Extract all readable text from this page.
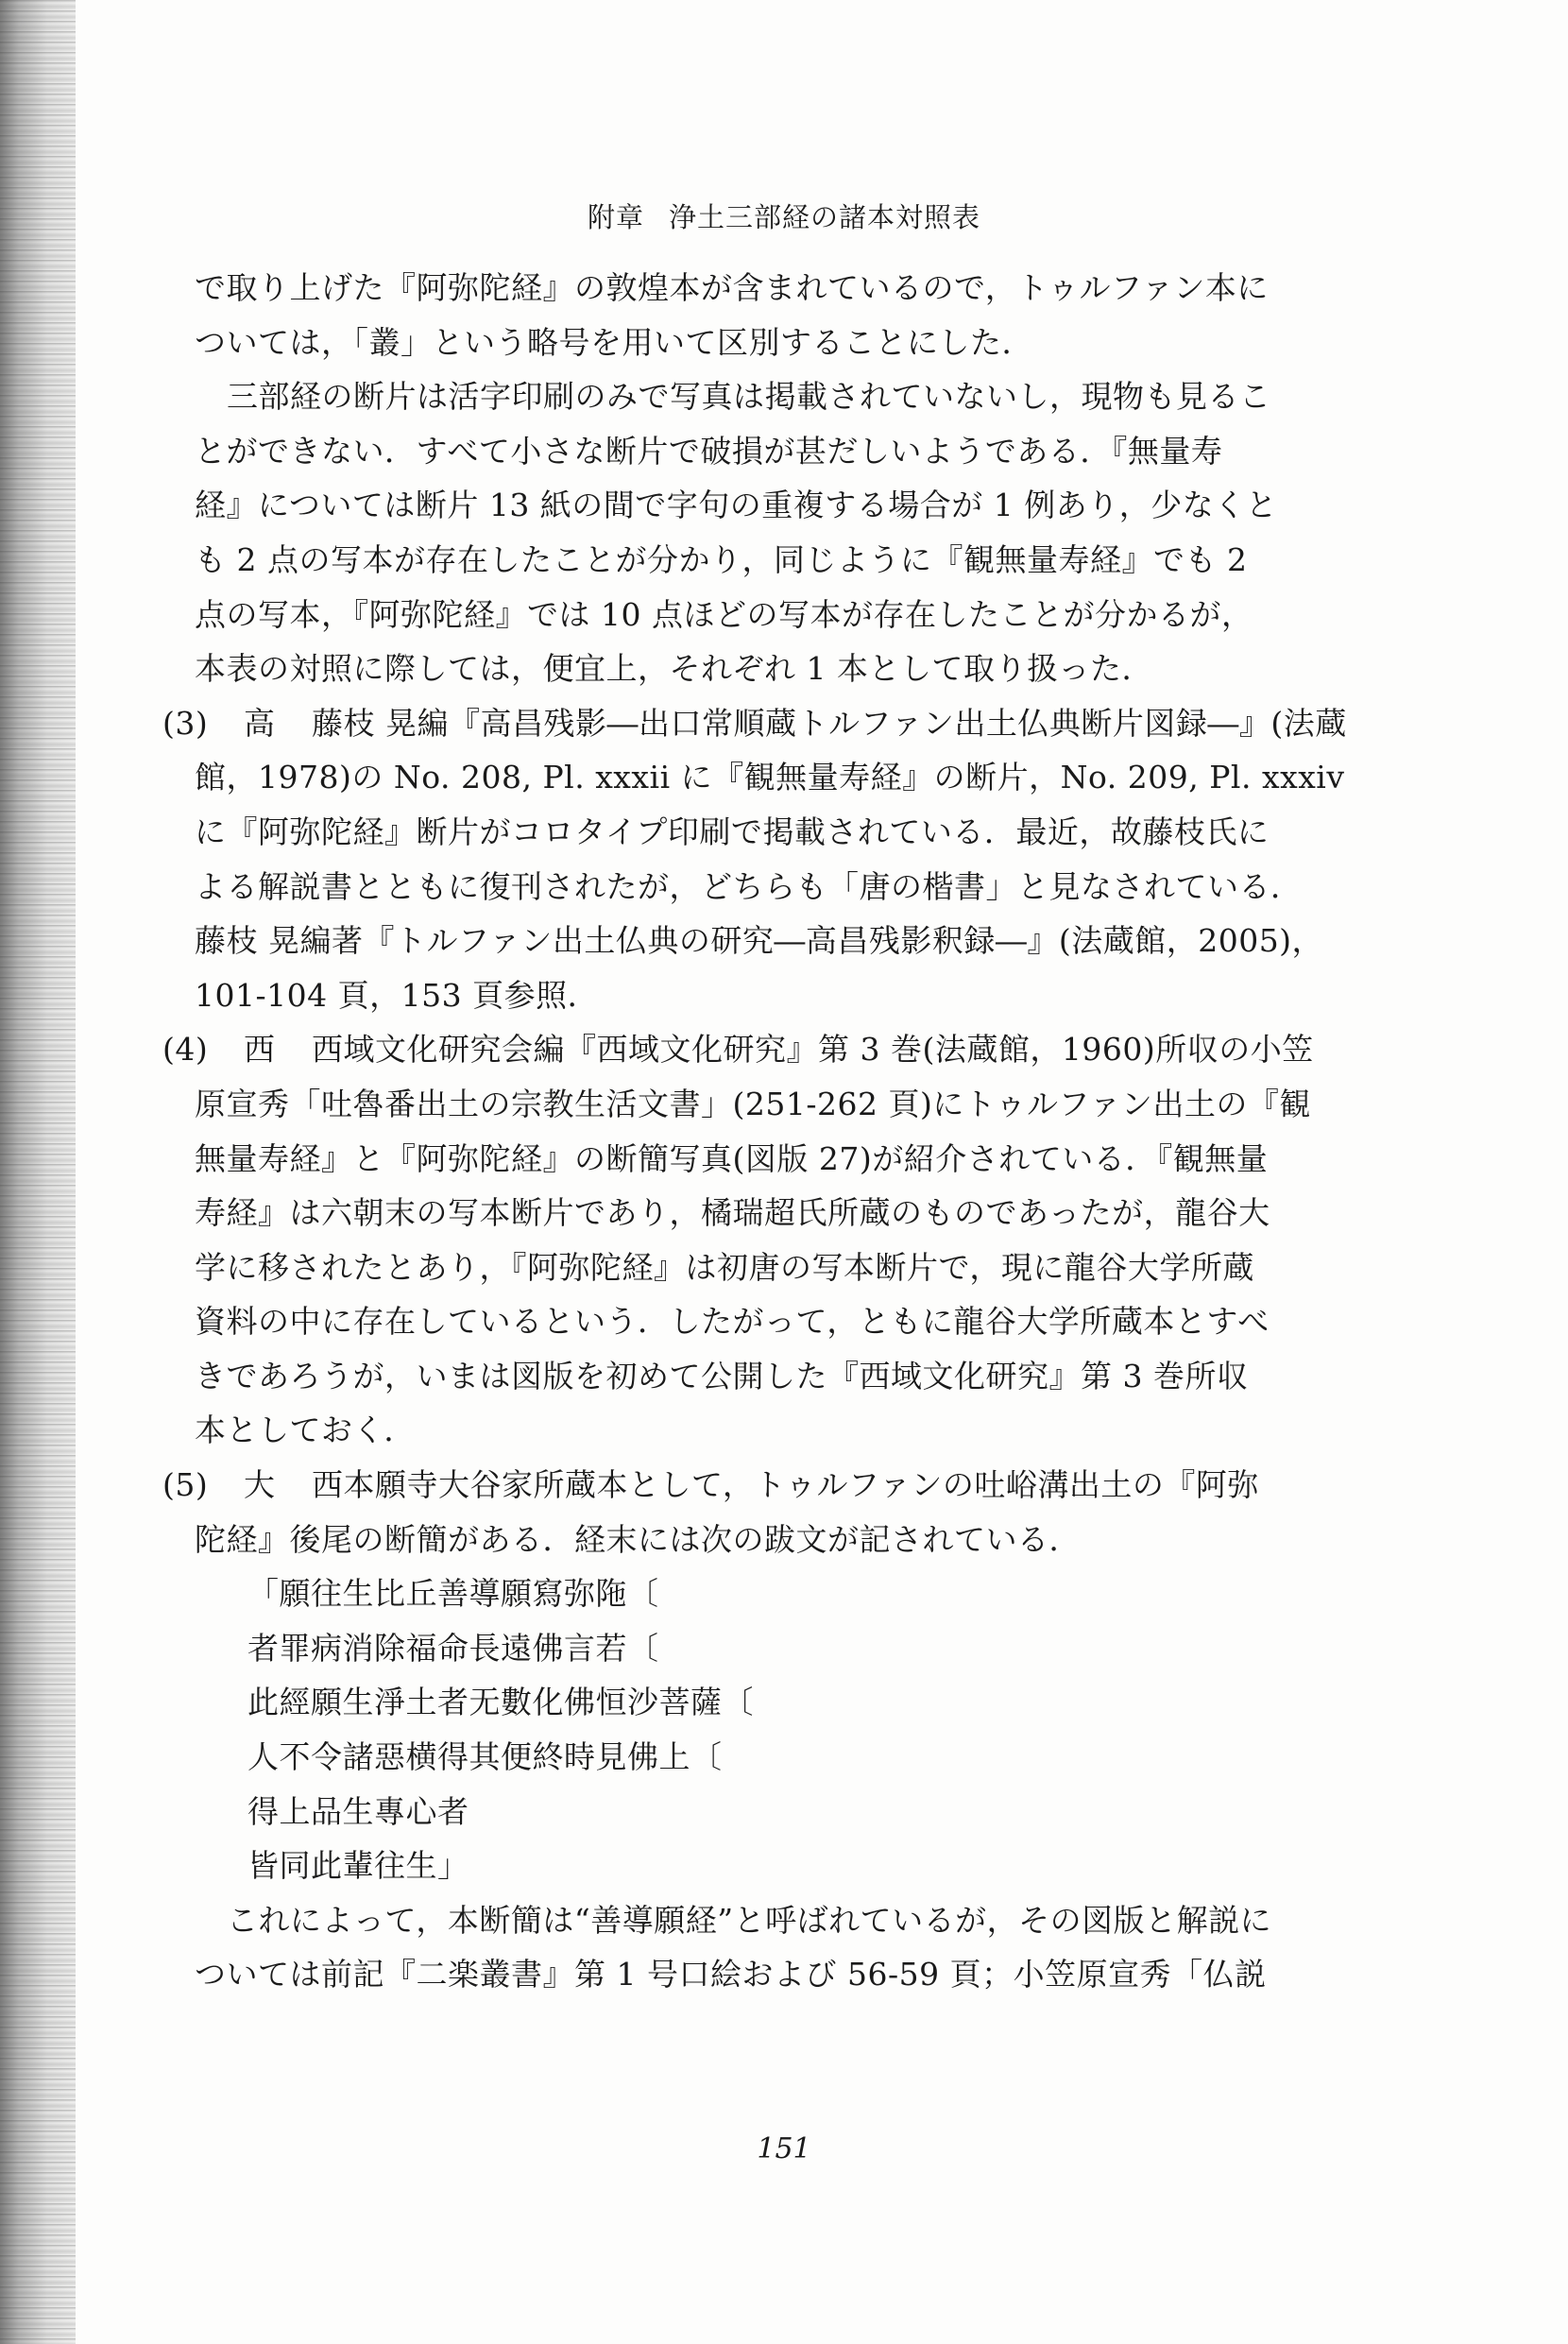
附章 浄土三部経の諸本対照表

で取り上げた『阿弥陀経』の敦煌本が含まれているので，トゥルファン本に
ついては，「叢」という略号を用いて区別することにした．

三部経の断片は活字印刷のみで写真は掲載されていないし，現物も見るこ
とができない．すべて小さな断片で破損が甚だしいようである．『無量寿
経』については断片 13 紙の間で字句の重複する場合が 1 例あり，少なくと
も 2 点の写本が存在したことが分かり，同じように『観無量寿経』でも 2
点の写本，『阿弥陀経』では 10 点ほどの写本が存在したことが分かるが，
本表の対照に際しては，便宜上，それぞれ 1 本として取り扱った．

(3) 高 藤枝 晃編『高昌残影―出口常順蔵トルファン出土仏典断片図録―』(法蔵
館，1978)の No. 208, Pl. xxxii に『観無量寿経』の断片，No. 209, Pl. xxxiv
に『阿弥陀経』断片がコロタイプ印刷で掲載されている．最近，故藤枝氏に
よる解説書とともに復刊されたが，どちらも「唐の楷書」と見なされている．
藤枝 晃編著『トルファン出土仏典の研究―高昌残影釈録―』(法蔵館，2005)，
101-104 頁，153 頁参照．
(4) 西 西域文化研究会編『西域文化研究』第 3 巻(法蔵館，1960)所収の小笠
原宣秀「吐魯番出土の宗教生活文書」(251-262 頁)にトゥルファン出土の『観
無量寿経』と『阿弥陀経』の断簡写真(図版 27)が紹介されている．『観無量
寿経』は六朝末の写本断片であり，橘瑞超氏所蔵のものであったが，龍谷大
学に移されたとあり，『阿弥陀経』は初唐の写本断片で，現に龍谷大学所蔵
資料の中に存在しているという．したがって，ともに龍谷大学所蔵本とすべ
きであろうが，いまは図版を初めて公開した『西域文化研究』第 3 巻所収
本としておく．
(5) 大 西本願寺大谷家所蔵本として，トゥルファンの吐峪溝出土の『阿弥
陀経』後尾の断簡がある．経末には次の跋文が記されている．
「願往生比丘善導願寫弥陁〔
者罪病消除福命長遠佛言若〔
此經願生淨土者无數化佛恒沙菩薩〔
人不令諸惡横得其便終時見佛上〔
得上品生專心者
皆同此輩往生」
これによって，本断簡は“善導願経”と呼ばれているが，その図版と解説に
ついては前記『二楽叢書』第 1 号口絵および 56-59 頁；小笠原宣秀「仏説
151
